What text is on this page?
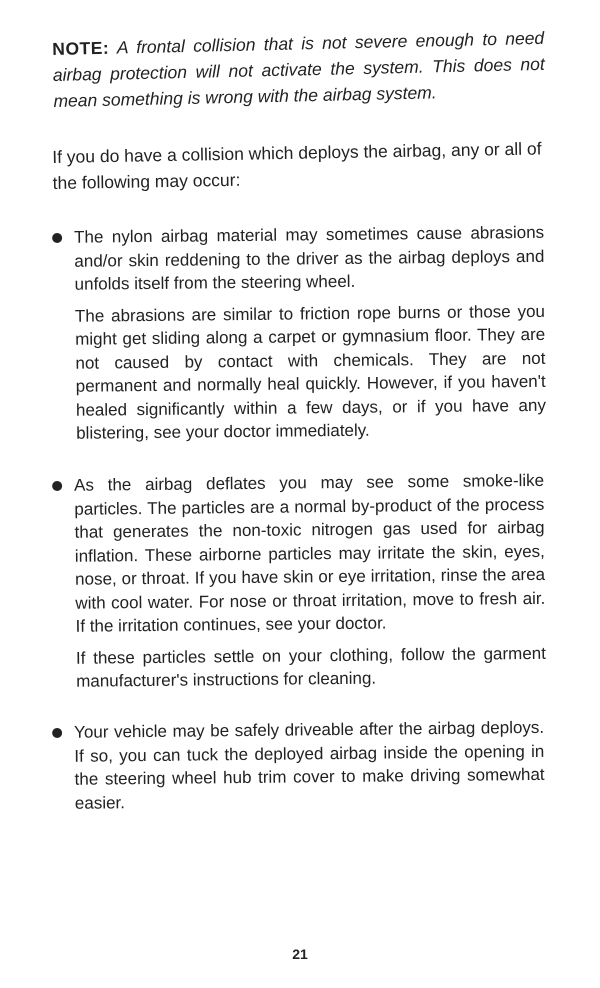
NOTE: A frontal collision that is not severe enough to need airbag protection will not activate the system. This does not mean something is wrong with the airbag system.

If you do have a collision which deploys the airbag, any or all of the following may occur:

The nylon airbag material may sometimes cause abrasions and/or skin reddening to the driver as the airbag deploys and unfolds itself from the steering wheel.

The abrasions are similar to friction rope burns or those you might get sliding along a carpet or gymnasium floor. They are not caused by contact with chemicals. They are not permanent and normally heal quickly. However, if you haven't healed significantly within a few days, or if you have any blistering, see your doctor immediately.

As the airbag deflates you may see some smoke-like particles. The particles are a normal by-product of the process that generates the non-toxic nitrogen gas used for airbag inflation. These airborne particles may irritate the skin, eyes, nose, or throat. If you have skin or eye irritation, rinse the area with cool water. For nose or throat irritation, move to fresh air. If the irritation continues, see your doctor.

If these particles settle on your clothing, follow the garment manufacturer's instructions for cleaning.

Your vehicle may be safely driveable after the airbag deploys. If so, you can tuck the deployed airbag inside the opening in the steering wheel hub trim cover to make driving somewhat easier.

21
